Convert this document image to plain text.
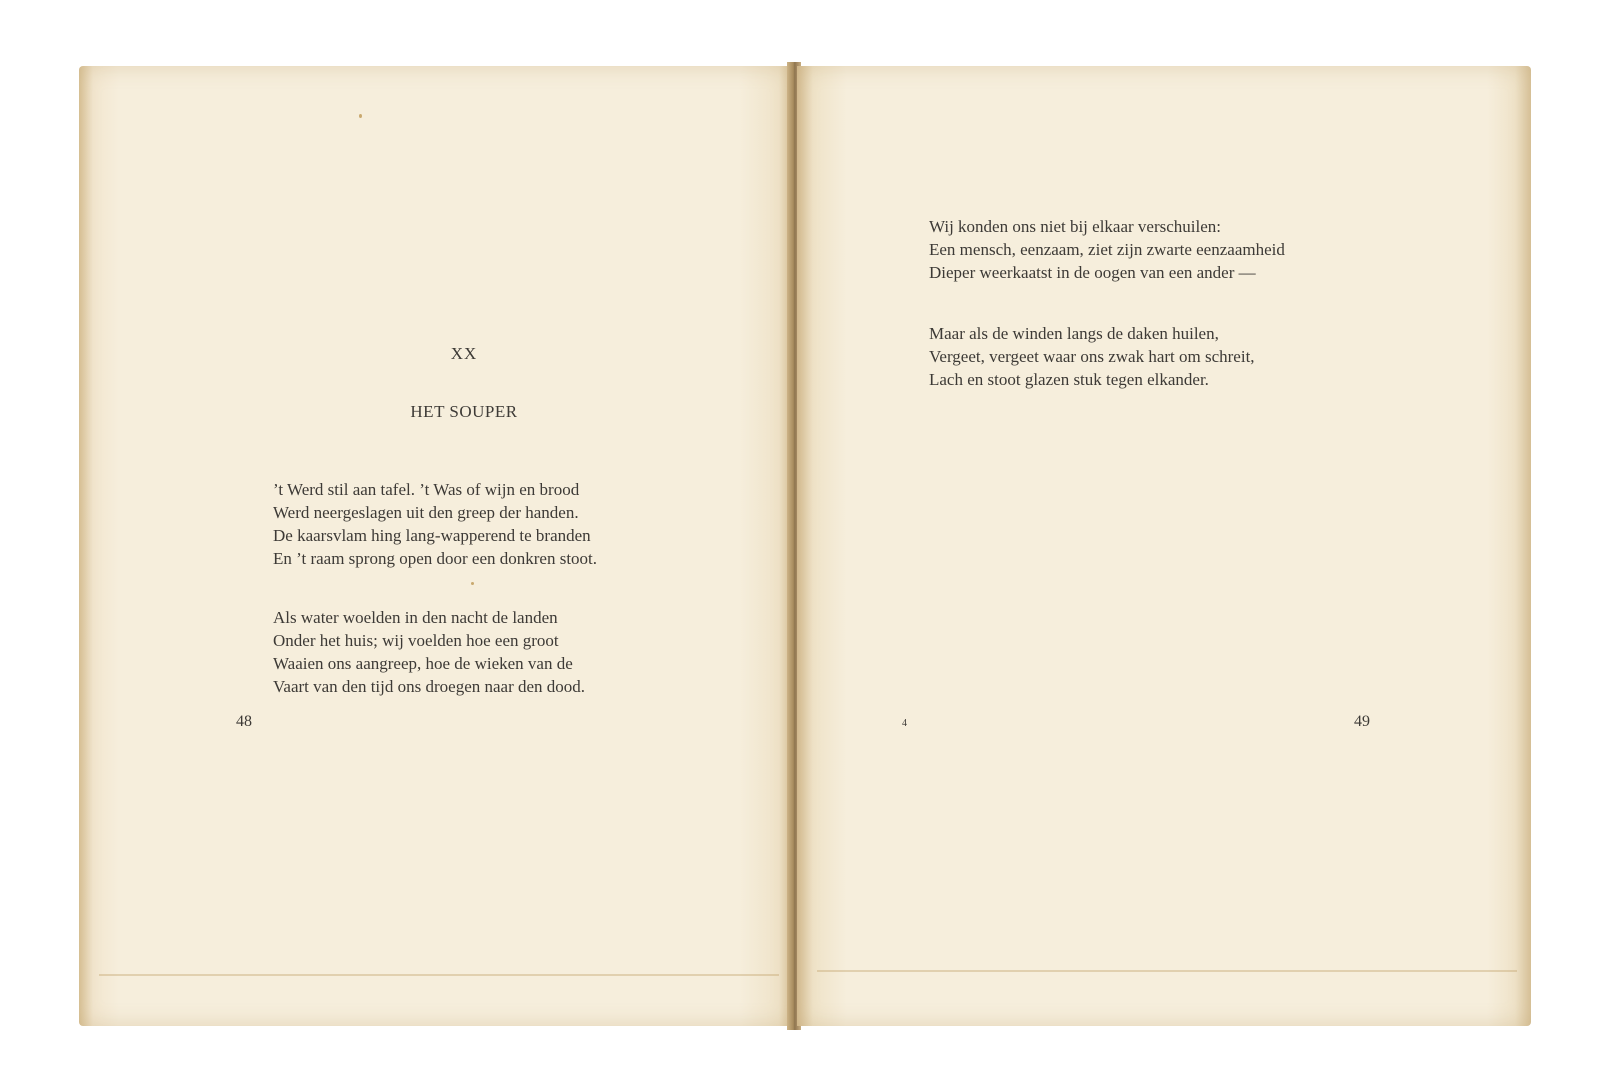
XX
HET SOUPER
’t Werd stil aan tafel. ’t Was of wijn en brood
Werd neergeslagen uit den greep der handen.
De kaarsvlam hing lang-wapperend te branden
En ’t raam sprong open door een donkren stoot.
Als water woelden in den nacht de landen
Onder het huis; wij voelden hoe een groot
Waaien ons aangreep, hoe de wieken van de
Vaart van den tijd ons droegen naar den dood.
48
Wij konden ons niet bij elkaar verschuilen:
Een mensch, eenzaam, ziet zijn zwarte eenzaamheid
Dieper weerkaatst in de oogen van een ander —
Maar als de winden langs de daken huilen,
Vergeet, vergeet waar ons zwak hart om schreit,
Lach en stoot glazen stuk tegen elkander.
4	49
